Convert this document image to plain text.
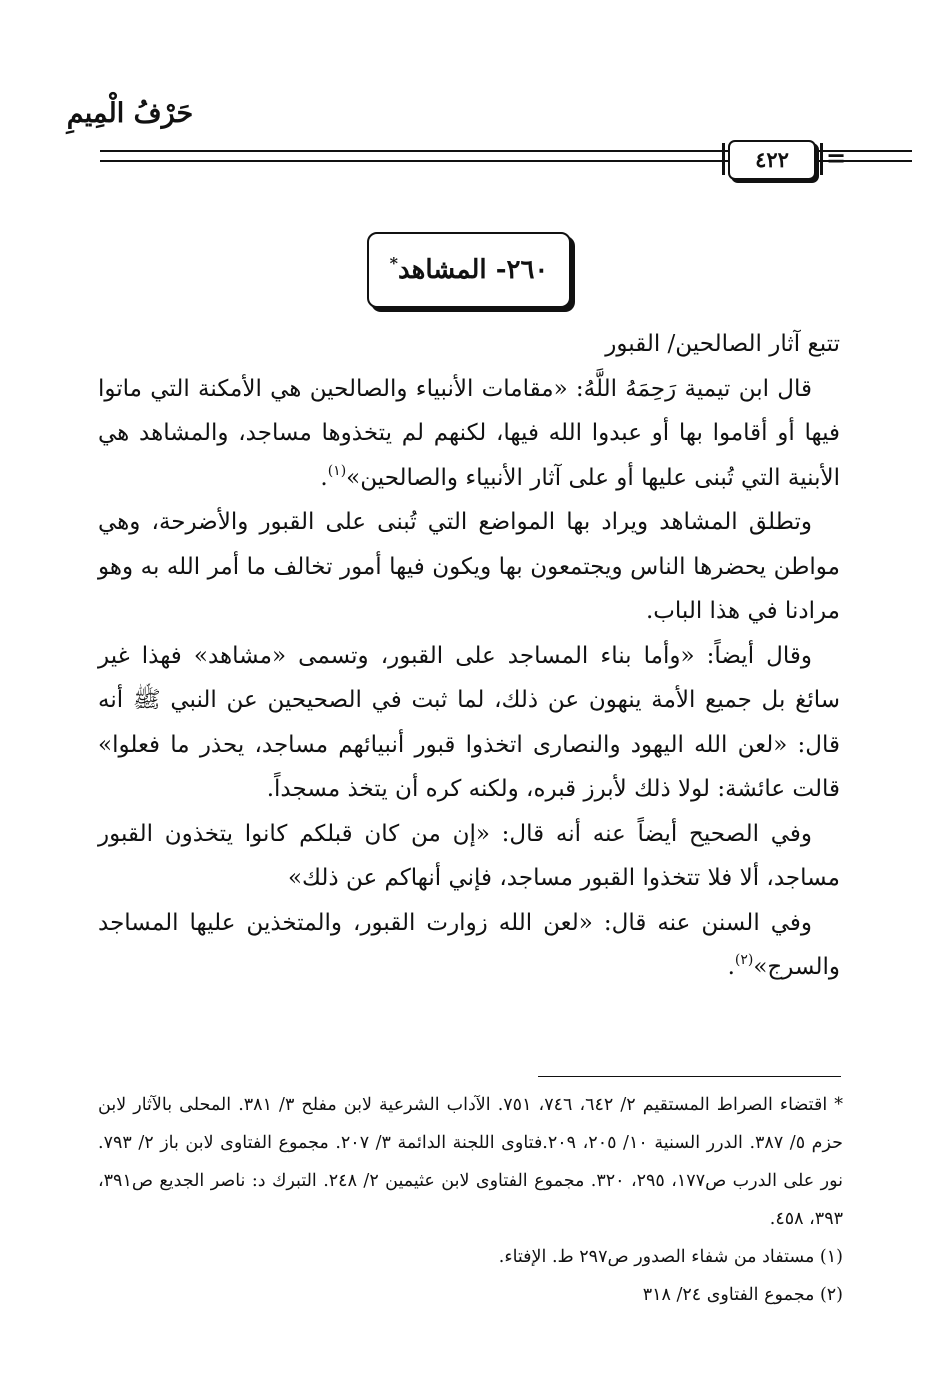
حَرْفُ الْمِيمِ
٤٢٢	=
٢٦٠- المشاهد*

تتبع آثار الصالحين/ القبور

قال ابن تيمية رَحِمَهُ اللَّهُ: «مقامات الأنبياء والصالحين هي الأمكنة التي ماتوا فيها أو أقاموا بها أو عبدوا الله فيها، لكنهم لم يتخذوها مساجد، والمشاهد هي الأبنية التي تُبنى عليها أو على آثار الأنبياء والصالحين»$^{(١)}$.

وتطلق المشاهد ويراد بها المواضع التي تُبنى على القبور والأضرحة، وهي مواطن يحضرها الناس ويجتمعون بها ويكون فيها أمور تخالف ما أمر الله به وهو مرادنا في هذا الباب.

وقال أيضاً: «وأما بناء المساجد على القبور، وتسمى «مشاهد» فهذا غير سائغ بل جميع الأمة ينهون عن ذلك، لما ثبت في الصحيحين عن النبي ﷺ أنه قال: «لعن الله اليهود والنصارى اتخذوا قبور أنبيائهم مساجد، يحذر ما فعلوا» قالت عائشة: لولا ذلك لأبرز قبره، ولكنه كره أن يتخذ مسجداً.

وفي الصحيح أيضاً عنه أنه قال: «إن من كان قبلكم كانوا يتخذون القبور مساجد، ألا فلا تتخذوا القبور مساجد، فإني أنهاكم عن ذلك»

وفي السنن عنه قال: «لعن الله زوارت القبور، والمتخذين عليها المساجد والسرج»$^{(٢)}$.

* اقتضاء الصراط المستقيم ٢/ ٦٤٢، ٧٤٦، ٧٥١. الآداب الشرعية لابن مفلح ٣/ ٣٨١. المحلى بالآثار لابن حزم ٥/ ٣٨٧. الدرر السنية ١٠/ ٢٠٥، ٢٠٩.فتاوى اللجنة الدائمة ٣/ ٢٠٧. مجموع الفتاوى لابن باز ٢/ ٧٩٣. نور على الدرب ص١٧٧، ٢٩٥، ٣٢٠. مجموع الفتاوى لابن عثيمين ٢/ ٢٤٨. التبرك د: ناصر الجديع ص٣٩١، ٣٩٣، ٤٥٨.

(١) مستفاد من شفاء الصدور ص٢٩٧ ط. الإفتاء.

(٢) مجموع الفتاوى ٢٤/ ٣١٨
